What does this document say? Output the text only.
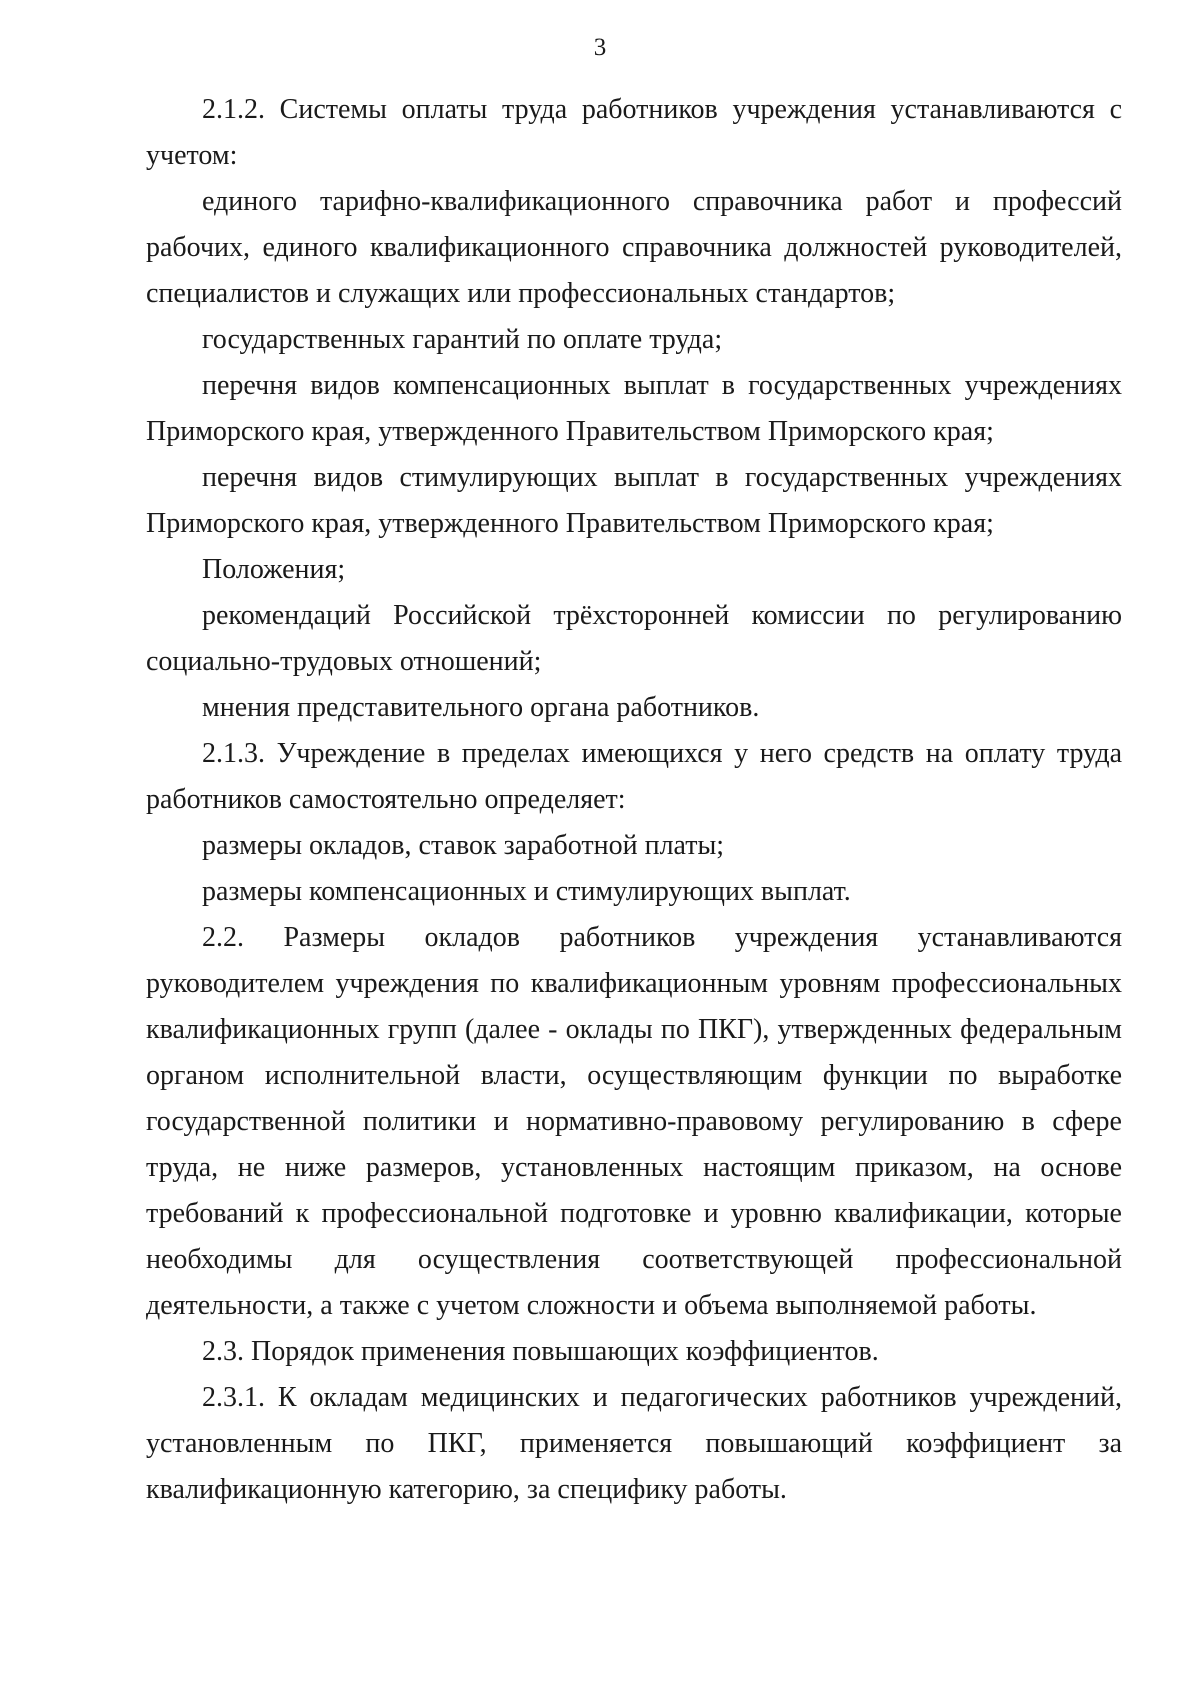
3

2.1.2. Системы оплаты труда работников учреждения устанавливаются с учетом:

единого тарифно-квалификационного справочника работ и профессий рабочих, единого квалификационного справочника должностей руководителей, специалистов и служащих или профессиональных стандартов;

государственных гарантий по оплате труда;

перечня видов компенсационных выплат в государственных учреждениях Приморского края, утвержденного Правительством Приморского края;

перечня видов стимулирующих выплат в государственных учреждениях Приморского края, утвержденного Правительством Приморского края;

Положения;

рекомендаций Российской трёхсторонней комиссии по регулированию социально-трудовых отношений;

мнения представительного органа работников.

2.1.3. Учреждение в пределах имеющихся у него средств на оплату труда работников самостоятельно определяет:

размеры окладов, ставок заработной платы;

размеры компенсационных и стимулирующих выплат.

2.2. Размеры окладов работников учреждения устанавливаются руководителем учреждения по квалификационным уровням профессиональных квалификационных групп (далее - оклады по ПКГ), утвержденных федеральным органом исполнительной власти, осуществляющим функции по выработке государственной политики и нормативно-правовому регулированию в сфере труда, не ниже размеров, установленных настоящим приказом, на основе требований к профессиональной подготовке и уровню квалификации, которые необходимы для осуществления соответствующей профессиональной деятельности, а также с учетом сложности и объема выполняемой работы.

2.3. Порядок применения повышающих коэффициентов.

2.3.1. К окладам медицинских и педагогических работников учреждений, установленным по ПКГ, применяется повышающий коэффициент за квалификационную категорию, за специфику работы.
